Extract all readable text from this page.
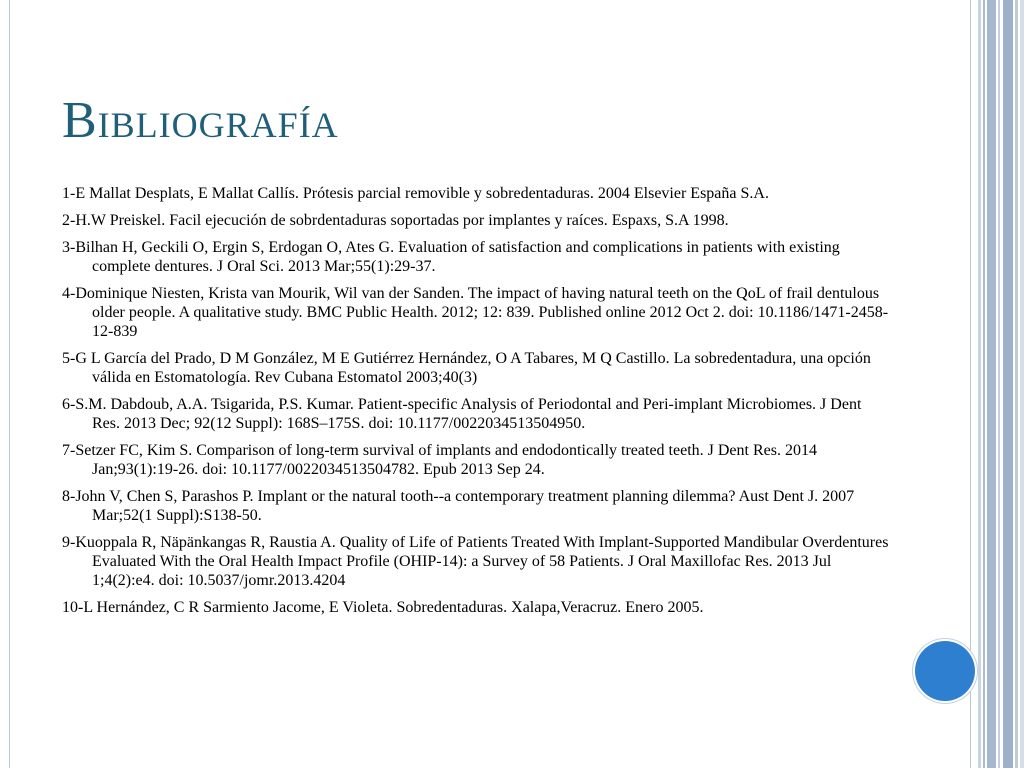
Bibliografía
1-E Mallat Desplats, E Mallat Callís. Prótesis parcial removible y sobredentaduras. 2004 Elsevier España S.A.
2-H.W Preiskel. Facil ejecución de sobrdentaduras soportadas por implantes y raíces. Espaxs, S.A 1998.
3-Bilhan H, Geckili O, Ergin S, Erdogan O, Ates G. Evaluation of satisfaction and complications in patients with existing complete dentures. J Oral Sci. 2013 Mar;55(1):29-37.
4-Dominique Niesten, Krista van Mourik, Wil van der Sanden. The impact of having natural teeth on the QoL of frail dentulous older people. A qualitative study. BMC Public Health. 2012; 12: 839. Published online 2012 Oct 2. doi: 10.1186/1471-2458-12-839
5-G L García del Prado, D M González, M E Gutiérrez Hernández, O A Tabares, M Q Castillo. La sobredentadura, una opción válida en Estomatología. Rev Cubana Estomatol 2003;40(3)
6-S.M. Dabdoub, A.A. Tsigarida, P.S. Kumar. Patient-specific Analysis of Periodontal and Peri-implant Microbiomes. J Dent Res. 2013 Dec; 92(12 Suppl): 168S–175S. doi: 10.1177/0022034513504950.
7-Setzer FC, Kim S. Comparison of long-term survival of implants and endodontically treated teeth. J Dent Res. 2014 Jan;93(1):19-26. doi: 10.1177/0022034513504782. Epub 2013 Sep 24.
8-John V, Chen S, Parashos P. Implant or the natural tooth--a contemporary treatment planning dilemma? Aust Dent J. 2007 Mar;52(1 Suppl):S138-50.
9-Kuoppala R, Näpänkangas R, Raustia A. Quality of Life of Patients Treated With Implant-Supported Mandibular Overdentures Evaluated With the Oral Health Impact Profile (OHIP-14): a Survey of 58 Patients. J Oral Maxillofac Res. 2013 Jul 1;4(2):e4. doi: 10.5037/jomr.2013.4204
10-L Hernández, C R Sarmiento Jacome, E Violeta. Sobredentaduras. Xalapa,Veracruz. Enero 2005.
